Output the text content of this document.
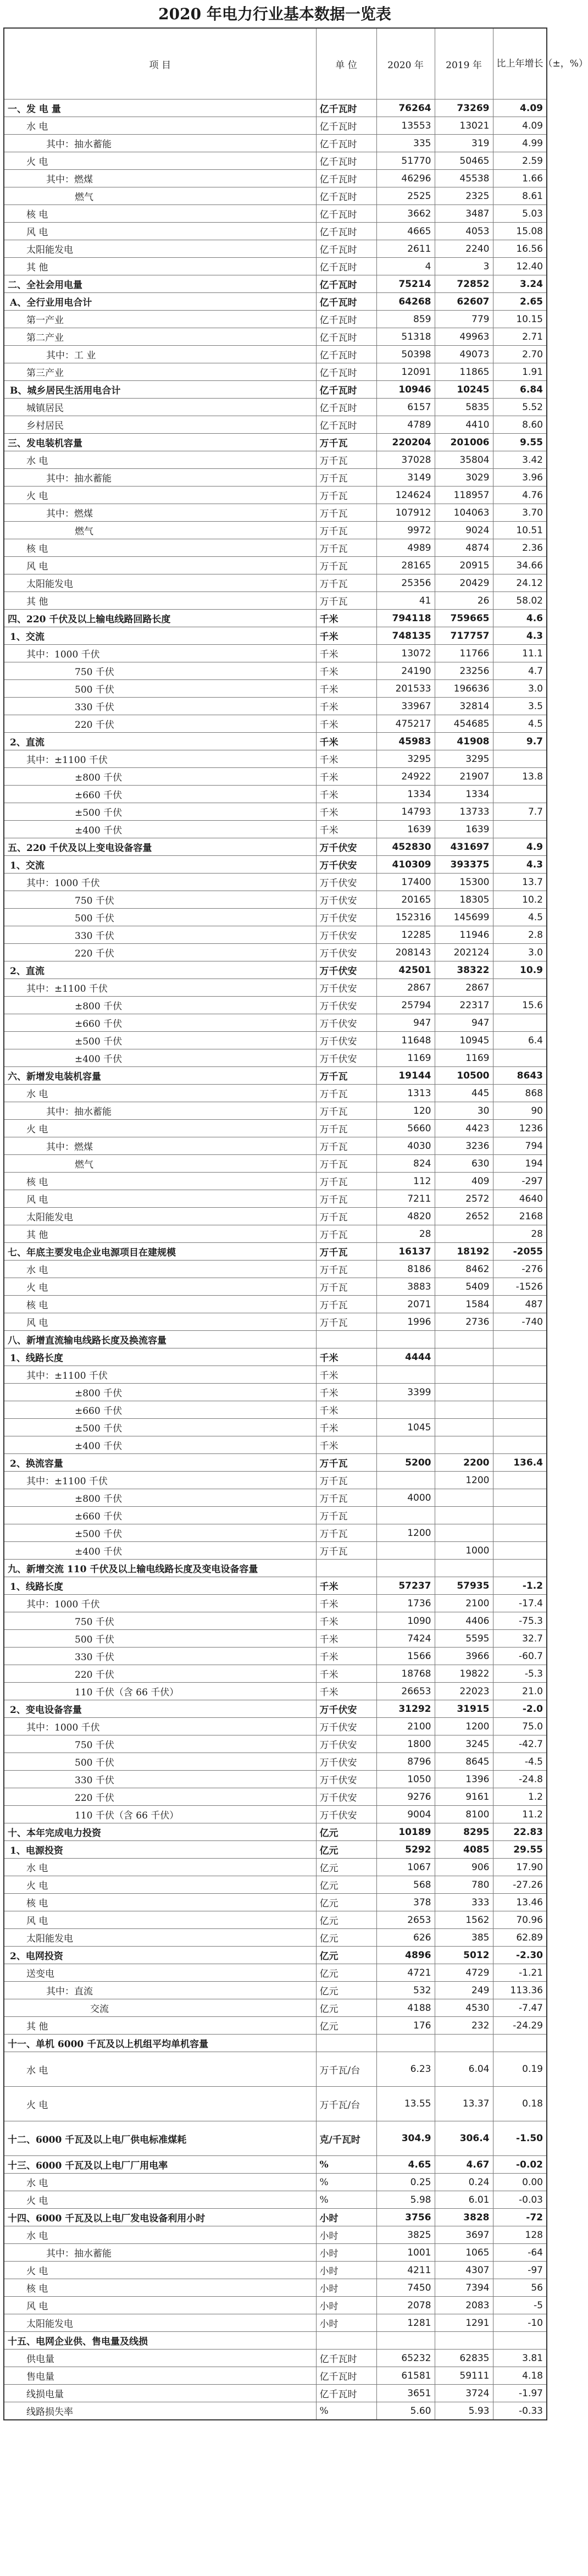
2020 年电力行业基本数据一览表
项 目	单 位	2020 年	2019 年	比上年增长（±，%）
一、发 电 量	亿千瓦时	76264	73269	4.09
水 电	亿千瓦时	13553	13021	4.09
其中：抽水蓄能	亿千瓦时	335	319	4.99
火 电	亿千瓦时	51770	50465	2.59
其中：燃煤	亿千瓦时	46296	45538	1.66
燃气	亿千瓦时	2525	2325	8.61
核 电	亿千瓦时	3662	3487	5.03
风 电	亿千瓦时	4665	4053	15.08
太阳能发电	亿千瓦时	2611	2240	16.56
其 他	亿千瓦时	4	3	12.40
二、全社会用电量	亿千瓦时	75214	72852	3.24
A、全行业用电合计	亿千瓦时	64268	62607	2.65
第一产业	亿千瓦时	859	779	10.15
第二产业	亿千瓦时	51318	49963	2.71
其中：工 业	亿千瓦时	50398	49073	2.70
第三产业	亿千瓦时	12091	11865	1.91
B、城乡居民生活用电合计	亿千瓦时	10946	10245	6.84
城镇居民	亿千瓦时	6157	5835	5.52
乡村居民	亿千瓦时	4789	4410	8.60
三、发电装机容量	万千瓦	220204	201006	9.55
水 电	万千瓦	37028	35804	3.42
其中：抽水蓄能	万千瓦	3149	3029	3.96
火 电	万千瓦	124624	118957	4.76
其中：燃煤	万千瓦	107912	104063	3.70
燃气	万千瓦	9972	9024	10.51
核 电	万千瓦	4989	4874	2.36
风 电	万千瓦	28165	20915	34.66
太阳能发电	万千瓦	25356	20429	24.12
其 他	万千瓦	41	26	58.02
四、220 千伏及以上输电线路回路长度	千米	794118	759665	4.6
1、交流	千米	748135	717757	4.3
其中：1000 千伏	千米	13072	11766	11.1
750 千伏	千米	24190	23256	4.7
500 千伏	千米	201533	196636	3.0
330 千伏	千米	33967	32814	3.5
220 千伏	千米	475217	454685	4.5
2、直流	千米	45983	41908	9.7
其中：±1100 千伏	千米	3295	3295	
±800 千伏	千米	24922	21907	13.8
±660 千伏	千米	1334	1334	
±500 千伏	千米	14793	13733	7.7
±400 千伏	千米	1639	1639	
五、220 千伏及以上变电设备容量	万千伏安	452830	431697	4.9
1、交流	万千伏安	410309	393375	4.3
其中：1000 千伏	万千伏安	17400	15300	13.7
750 千伏	万千伏安	20165	18305	10.2
500 千伏	万千伏安	152316	145699	4.5
330 千伏	万千伏安	12285	11946	2.8
220 千伏	万千伏安	208143	202124	3.0
2、直流	万千伏安	42501	38322	10.9
其中：±1100 千伏	万千伏安	2867	2867	
±800 千伏	万千伏安	25794	22317	15.6
±660 千伏	万千伏安	947	947	
±500 千伏	万千伏安	11648	10945	6.4
±400 千伏	万千伏安	1169	1169	
六、新增发电装机容量	万千瓦	19144	10500	8643
水 电	万千瓦	1313	445	868
其中：抽水蓄能	万千瓦	120	30	90
火 电	万千瓦	5660	4423	1236
其中：燃煤	万千瓦	4030	3236	794
燃气	万千瓦	824	630	194
核 电	万千瓦	112	409	-297
风 电	万千瓦	7211	2572	4640
太阳能发电	万千瓦	4820	2652	2168
其 他	万千瓦	28		28
七、年底主要发电企业电源项目在建规模	万千瓦	16137	18192	-2055
水 电	万千瓦	8186	8462	-276
火 电	万千瓦	3883	5409	-1526
核 电	万千瓦	2071	1584	487
风 电	万千瓦	1996	2736	-740
八、新增直流输电线路长度及换流容量				
1、线路长度	千米	4444		
其中：±1100 千伏	千米			
±800 千伏	千米	3399		
±660 千伏	千米			
±500 千伏	千米	1045		
±400 千伏	千米			
2、换流容量	万千瓦	5200	2200	136.4
其中：±1100 千伏	万千瓦		1200	
±800 千伏	万千瓦	4000		
±660 千伏	万千瓦			
±500 千伏	万千瓦	1200		
±400 千伏	万千瓦		1000	
九、新增交流 110 千伏及以上输电线路长度及变电设备容量				
1、线路长度	千米	57237	57935	-1.2
其中：1000 千伏	千米	1736	2100	-17.4
750 千伏	千米	1090	4406	-75.3
500 千伏	千米	7424	5595	32.7
330 千伏	千米	1566	3966	-60.7
220 千伏	千米	18768	19822	-5.3
110 千伏（含 66 千伏）	千米	26653	22023	21.0
2、变电设备容量	万千伏安	31292	31915	-2.0
其中：1000 千伏	万千伏安	2100	1200	75.0
750 千伏	万千伏安	1800	3245	-42.7
500 千伏	万千伏安	8796	8645	-4.5
330 千伏	万千伏安	1050	1396	-24.8
220 千伏	万千伏安	9276	9161	1.2
110 千伏（含 66 千伏）	万千伏安	9004	8100	11.2
十、本年完成电力投资	亿元	10189	8295	22.83
1、电源投资	亿元	5292	4085	29.55
水 电	亿元	1067	906	17.90
火 电	亿元	568	780	-27.26
核 电	亿元	378	333	13.46
风 电	亿元	2653	1562	70.96
太阳能发电	亿元	626	385	62.89
2、电网投资	亿元	4896	5012	-2.30
送变电	亿元	4721	4729	-1.21
其中：直流	亿元	532	249	113.36
交流	亿元	4188	4530	-7.47
其 他	亿元	176	232	-24.29
十一、单机 6000 千瓦及以上机组平均单机容量				
水 电	万千瓦/台	6.23	6.04	0.19
火 电	万千瓦/台	13.55	13.37	0.18
十二、6000 千瓦及以上电厂供电标准煤耗	克/千瓦时	304.9	306.4	-1.50
十三、6000 千瓦及以上电厂厂用电率	%	4.65	4.67	-0.02
水 电	%	0.25	0.24	0.00
火 电	%	5.98	6.01	-0.03
十四、6000 千瓦及以上电厂发电设备利用小时	小时	3756	3828	-72
水 电	小时	3825	3697	128
其中：抽水蓄能	小时	1001	1065	-64
火 电	小时	4211	4307	-97
核 电	小时	7450	7394	56
风 电	小时	2078	2083	-5
太阳能发电	小时	1281	1291	-10
十五、电网企业供、售电量及线损				
供电量	亿千瓦时	65232	62835	3.81
售电量	亿千瓦时	61581	59111	4.18
线损电量	亿千瓦时	3651	3724	-1.97
线路损失率	%	5.60	5.93	-0.33
